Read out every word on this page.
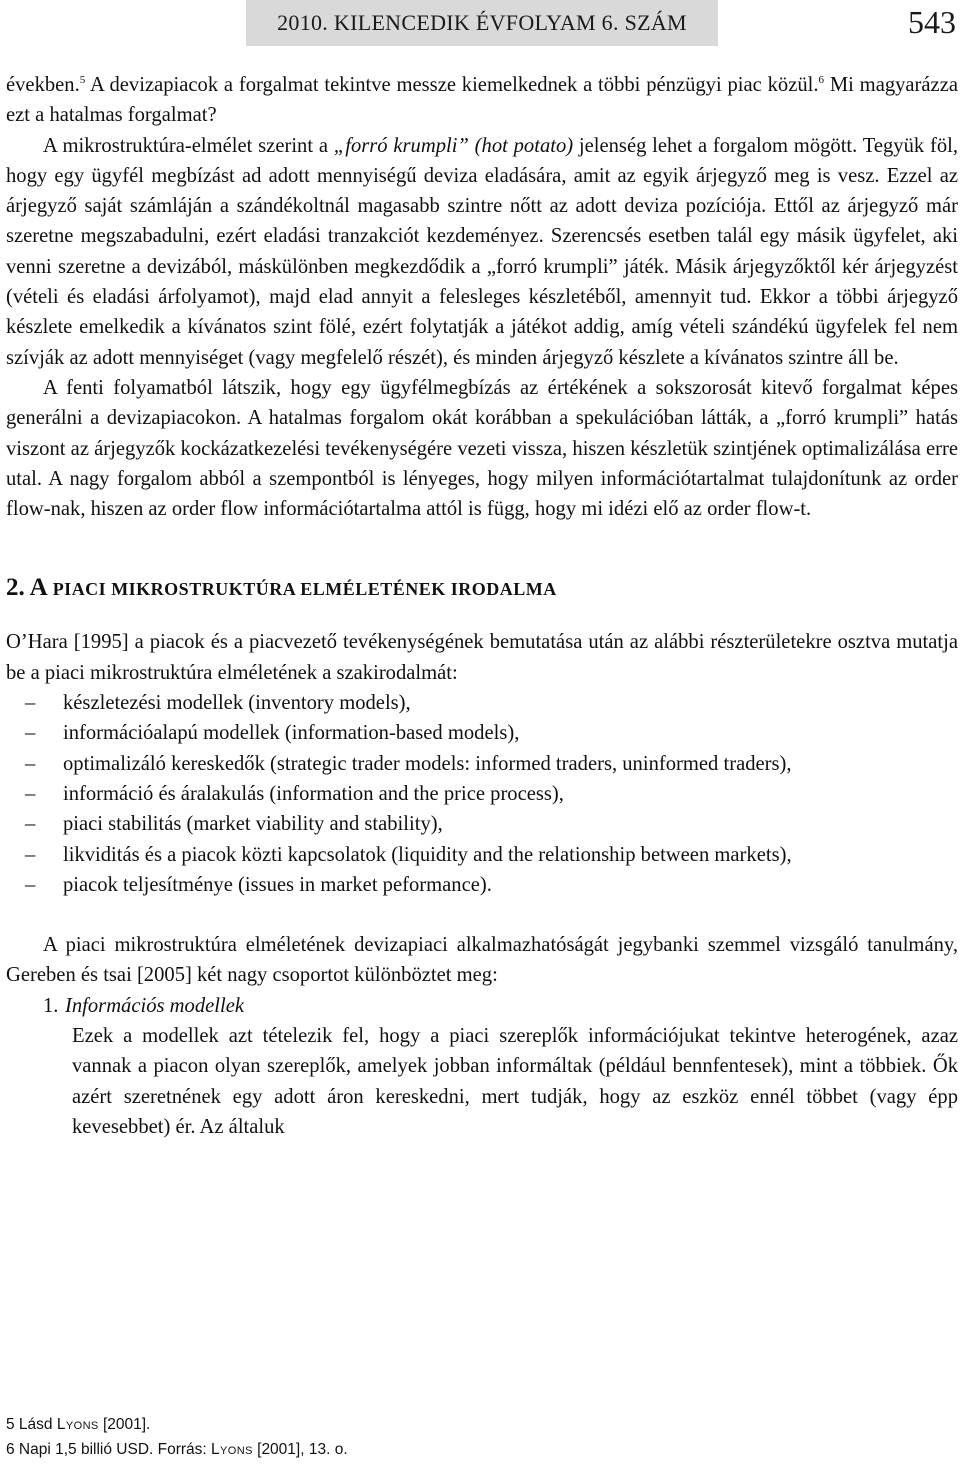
2010. KILENCEDIK ÉVFOLYAM 6. SZÁM	543

években.$^5$ A devizapiacok a forgalmat tekintve messze kiemelkednek a többi pénzügyi piac közül.$^6$ Mi magyarázza ezt a hatalmas forgalmat?

A mikrostruktúra-elmélet szerint a „forró krumpli” (hot potato) jelenség lehet a forgalom mögött. Tegyük föl, hogy egy ügyfél megbízást ad adott mennyiségű deviza eladására, amit az egyik árjegyző meg is vesz. Ezzel az árjegyző saját számláján a szándékoltnál magasabb szintre nőtt az adott deviza pozíciója. Ettől az árjegyző már szeretne megszabadulni, ezért eladási tranzakciót kezdeményez. Szerencsés esetben talál egy másik ügyfelet, aki venni szeretne a devizából, máskülönben megkezdődik a „forró krumpli” játék. Másik árjegyzőktől kér árjegyzést (vételi és eladási árfolyamot), majd elad annyit a felesleges készletéből, amennyit tud. Ekkor a többi árjegyző készlete emelkedik a kívánatos szint fölé, ezért folytatják a játékot addig, amíg vételi szándékú ügyfelek fel nem szívják az adott mennyiséget (vagy megfelelő részét), és minden árjegyző készlete a kívánatos szintre áll be.

A fenti folyamatból látszik, hogy egy ügyfélmegbízás az értékének a sokszorosát kitevő forgalmat képes generálni a devizapiacokon. A hatalmas forgalom okát korábban a spekulációban látták, a „forró krumpli” hatás viszont az árjegyzők kockázatkezelési tevékenységére vezeti vissza, hiszen készletük szintjének optimalizálása erre utal. A nagy forgalom abból a szempontból is lényeges, hogy milyen információtartalmat tulajdonítunk az order flow-nak, hiszen az order flow információtartalma attól is függ, hogy mi idézi elő az order flow-t.

2. A PIACI MIKROSTRUKTÚRA ELMÉLETÉNEK IRODALMA

O’Hara [1995] a piacok és a piacvezető tevékenységének bemutatása után az alábbi részterületekre osztva mutatja be a piaci mikrostruktúra elméletének a szakirodalmát:

– készletezési modellek (inventory models),
– információalapú modellek (information-based models),
– optimalizáló kereskedők (strategic trader models: informed traders, uninformed traders),
– információ és áralakulás (information and the price process),
– piaci stabilitás (market viability and stability),
– likviditás és a piacok közti kapcsolatok (liquidity and the relationship between markets),
– piacok teljesítménye (issues in market peformance).

A piaci mikrostruktúra elméletének devizapiaci alkalmazhatóságát jegybanki szemmel vizsgáló tanulmány, Gereben és tsai [2005] két nagy csoportot különböztet meg:

1. Információs modellek

Ezek a modellek azt tételezik fel, hogy a piaci szereplők információjukat tekintve heterogének, azaz vannak a piacon olyan szereplők, amelyek jobban informáltak (például bennfentesek), mint a többiek. Ők azért szeretnének egy adott áron kereskedni, mert tudják, hogy az eszköz ennél többet (vagy épp kevesebbet) ér. Az általuk

5 Lásd Lyons [2001].
6 Napi 1,5 billió USD. Forrás: Lyons [2001], 13. o.
